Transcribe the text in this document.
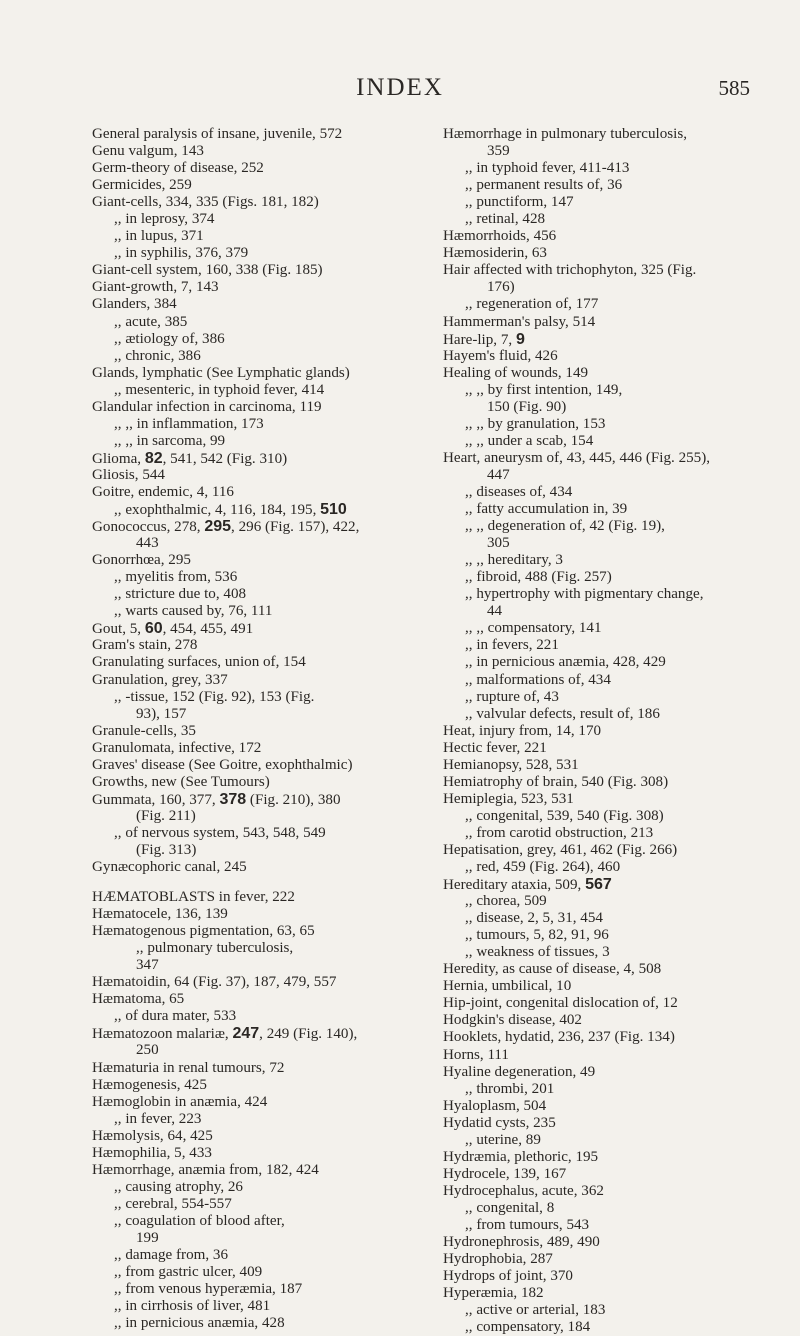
INDEX	585
General paralysis of insane, juvenile, 572
Genu valgum, 143
Germ-theory of disease, 252
Germicides, 259
Giant-cells, 334, 335 (Figs. 181, 182)
,, in leprosy, 374
,, in lupus, 371
,, in syphilis, 376, 379
Giant-cell system, 160, 338 (Fig. 185)
Giant-growth, 7, 143
Glanders, 384
,, acute, 385
,, ætiology of, 386
,, chronic, 386
Glands, lymphatic (See Lymphatic glands)
,, mesenteric, in typhoid fever, 414
Glandular infection in carcinoma, 119
,, ,, in inflammation, 173
,, ,, in sarcoma, 99
Glioma, 82, 541, 542 (Fig. 310)
Gliosis, 544
Goitre, endemic, 4, 116
,, exophthalmic, 4, 116, 184, 195, 510
Gonococcus, 278, 295, 296 (Fig. 157), 422,
443
Gonorrhœa, 295
,, myelitis from, 536
,, stricture due to, 408
,, warts caused by, 76, 111
Gout, 5, 60, 454, 455, 491
Gram's stain, 278
Granulating surfaces, union of, 154
Granulation, grey, 337
,, -tissue, 152 (Fig. 92), 153 (Fig.
93), 157
Granule-cells, 35
Granulomata, infective, 172
Graves' disease (See Goitre, exophthalmic)
Growths, new (See Tumours)
Gummata, 160, 377, 378 (Fig. 210), 380
(Fig. 211)
,, of nervous system, 543, 548, 549
(Fig. 313)
Gynæcophoric canal, 245
HÆMATOBLASTS in fever, 222
Hæmatocele, 136, 139
Hæmatogenous pigmentation, 63, 65
,, pulmonary tuberculosis,
347
Hæmatoidin, 64 (Fig. 37), 187, 479, 557
Hæmatoma, 65
,, of dura mater, 533
Hæmatozoon malariæ, 247, 249 (Fig. 140),
250
Hæmaturia in renal tumours, 72
Hæmogenesis, 425
Hæmoglobin in anæmia, 424
,, in fever, 223
Hæmolysis, 64, 425
Hæmophilia, 5, 433
Hæmorrhage, anæmia from, 182, 424
,, causing atrophy, 26
,, cerebral, 554-557
,, coagulation of blood after,
199
,, damage from, 36
,, from gastric ulcer, 409
,, from venous hyperæmia, 187
,, in cirrhosis of liver, 481
,, in pernicious anæmia, 428
Hæmorrhage in pulmonary tuberculosis,
359
,, in typhoid fever, 411-413
,, permanent results of, 36
,, punctiform, 147
,, retinal, 428
Hæmorrhoids, 456
Hæmosiderin, 63
Hair affected with trichophyton, 325 (Fig.
176)
,, regeneration of, 177
Hammerman's palsy, 514
Hare-lip, 7, 9
Hayem's fluid, 426
Healing of wounds, 149
,, ,, by first intention, 149,
150 (Fig. 90)
,, ,, by granulation, 153
,, ,, under a scab, 154
Heart, aneurysm of, 43, 445, 446 (Fig. 255),
447
,, diseases of, 434
,, fatty accumulation in, 39
,, ,, degeneration of, 42 (Fig. 19),
305
,, ,, hereditary, 3
,, fibroid, 488 (Fig. 257)
,, hypertrophy with pigmentary change,
44
,, ,, compensatory, 141
,, in fevers, 221
,, in pernicious anæmia, 428, 429
,, malformations of, 434
,, rupture of, 43
,, valvular defects, result of, 186
Heat, injury from, 14, 170
Hectic fever, 221
Hemianopsy, 528, 531
Hemiatrophy of brain, 540 (Fig. 308)
Hemiplegia, 523, 531
,, congenital, 539, 540 (Fig. 308)
,, from carotid obstruction, 213
Hepatisation, grey, 461, 462 (Fig. 266)
,, red, 459 (Fig. 264), 460
Hereditary ataxia, 509, 567
,, chorea, 509
,, disease, 2, 5, 31, 454
,, tumours, 5, 82, 91, 96
,, weakness of tissues, 3
Heredity, as cause of disease, 4, 508
Hernia, umbilical, 10
Hip-joint, congenital dislocation of, 12
Hodgkin's disease, 402
Hooklets, hydatid, 236, 237 (Fig. 134)
Horns, 111
Hyaline degeneration, 49
,, thrombi, 201
Hyaloplasm, 504
Hydatid cysts, 235
,, uterine, 89
Hydræmia, plethoric, 195
Hydrocele, 139, 167
Hydrocephalus, acute, 362
,, congenital, 8
,, from tumours, 543
Hydronephrosis, 489, 490
Hydrophobia, 287
Hydrops of joint, 370
Hyperæmia, 182
,, active or arterial, 183
,, compensatory, 184
